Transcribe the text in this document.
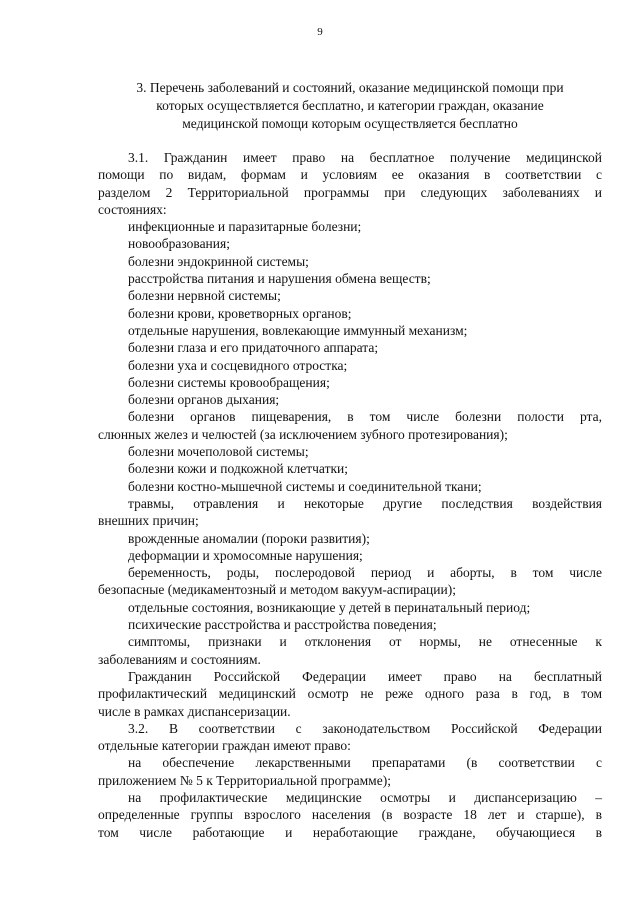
9
3. Перечень заболеваний и состояний, оказание медицинской помощи при
которых осуществляется бесплатно, и категории граждан, оказание
медицинской помощи которым осуществляется бесплатно
3.1. Гражданин имеет право на бесплатное получение медицинской
помощи по видам, формам и условиям ее оказания в соответствии с
разделом 2 Территориальной программы при следующих заболеваниях и
состояниях:
инфекционные и паразитарные болезни;
новообразования;
болезни эндокринной системы;
расстройства питания и нарушения обмена веществ;
болезни нервной системы;
болезни крови, кроветворных органов;
отдельные нарушения, вовлекающие иммунный механизм;
болезни глаза и его придаточного аппарата;
болезни уха и сосцевидного отростка;
болезни системы кровообращения;
болезни органов дыхания;
болезни органов пищеварения, в том числе болезни полости рта,
слюнных желез и челюстей (за исключением зубного протезирования);
болезни мочеполовой системы;
болезни кожи и подкожной клетчатки;
болезни костно-мышечной системы и соединительной ткани;
травмы, отравления и некоторые другие последствия воздействия
внешних причин;
врожденные аномалии (пороки развития);
деформации и хромосомные нарушения;
беременность, роды, послеродовой период и аборты, в том числе
безопасные (медикаментозный и методом вакуум-аспирации);
отдельные состояния, возникающие у детей в перинатальный период;
психические расстройства и расстройства поведения;
симптомы, признаки и отклонения от нормы, не отнесенные к
заболеваниям и состояниям.
Гражданин Российской Федерации имеет право на бесплатный
профилактический медицинский осмотр не реже одного раза в год, в том
числе в рамках диспансеризации.
3.2. В соответствии с законодательством Российской Федерации
отдельные категории граждан имеют право:
на обеспечение лекарственными препаратами (в соответствии с
приложением № 5 к Территориальной программе);
на профилактические медицинские осмотры и диспансеризацию –
определенные группы взрослого населения (в возрасте 18 лет и старше), в
том числе работающие и неработающие граждане, обучающиеся в
